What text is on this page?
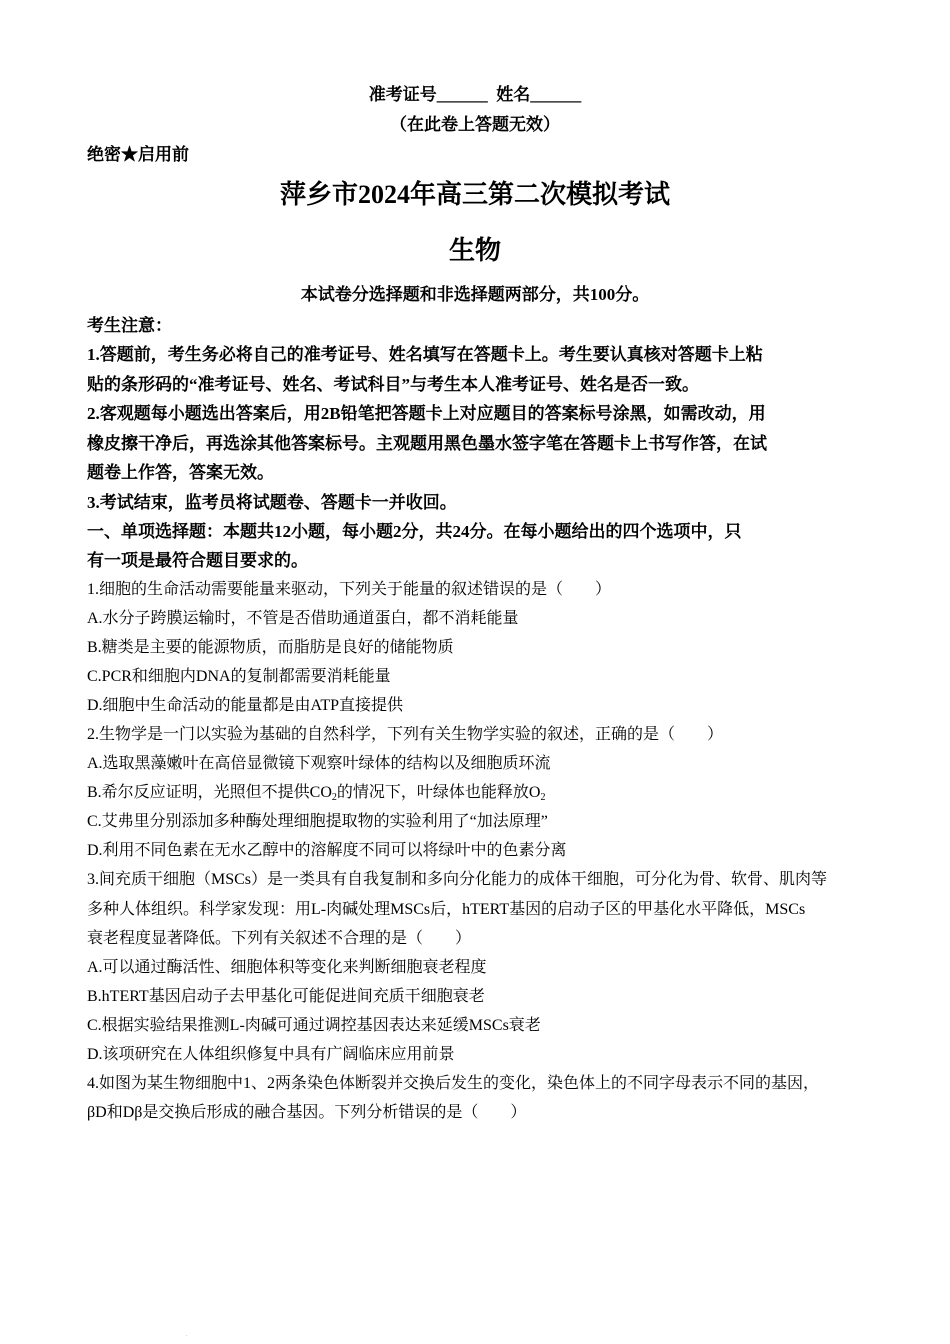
准考证号______ 姓名______
（在此卷上答题无效）
绝密★启用前
萍乡市2024年高三第二次模拟考试
生物
本试卷分选择题和非选择题两部分，共100分。
考生注意：
1.答题前，考生务必将自己的准考证号、姓名填写在答题卡上。考生要认真核对答题卡上粘
贴的条形码的“准考证号、姓名、考试科目”与考生本人准考证号、姓名是否一致。
2.客观题每小题选出答案后，用2B铅笔把答题卡上对应题目的答案标号涂黑，如需改动，用
橡皮擦干净后，再选涂其他答案标号。主观题用黑色墨水签字笔在答题卡上书写作答，在试
题卷上作答，答案无效。
3.考试结束，监考员将试题卷、答题卡一并收回。
一、单项选择题：本题共12小题，每小题2分，共24分。在每小题给出的四个选项中，只
有一项是最符合题目要求的。
1.细胞的生命活动需要能量来驱动，下列关于能量的叙述错误的是（　　）
A.水分子跨膜运输时，不管是否借助通道蛋白，都不消耗能量
B.糖类是主要的能源物质，而脂肪是良好的储能物质
C.PCR和细胞内DNA的复制都需要消耗能量
D.细胞中生命活动的能量都是由ATP直接提供
2.生物学是一门以实验为基础的自然科学，下列有关生物学实验的叙述，正确的是（　　）
A.选取黑藻嫩叶在高倍显微镜下观察叶绿体的结构以及细胞质环流
B.希尔反应证明，光照但不提供$CO_2$的情况下，叶绿体也能释放$O_2$
C.艾弗里分别添加多种酶处理细胞提取物的实验利用了“加法原理”
D.利用不同色素在无水乙醇中的溶解度不同可以将绿叶中的色素分离
3.间充质干细胞（MSCs）是一类具有自我复制和多向分化能力的成体干细胞，可分化为骨、软骨、肌肉等
多种人体组织。科学家发现：用L-肉碱处理MSCs后，hTERT基因的启动子区的甲基化水平降低，MSCs
衰老程度显著降低。下列有关叙述不合理的是（　　）
A.可以通过酶活性、细胞体积等变化来判断细胞衰老程度
B.hTERT基因启动子去甲基化可能促进间充质干细胞衰老
C.根据实验结果推测L-肉碱可通过调控基因表达来延缓MSCs衰老
D.该项研究在人体组织修复中具有广阔临床应用前景
4.如图为某生物细胞中1、2两条染色体断裂并交换后发生的变化，染色体上的不同字母表示不同的基因，
βD和Dβ是交换后形成的融合基因。下列分析错误的是（　　）
.
